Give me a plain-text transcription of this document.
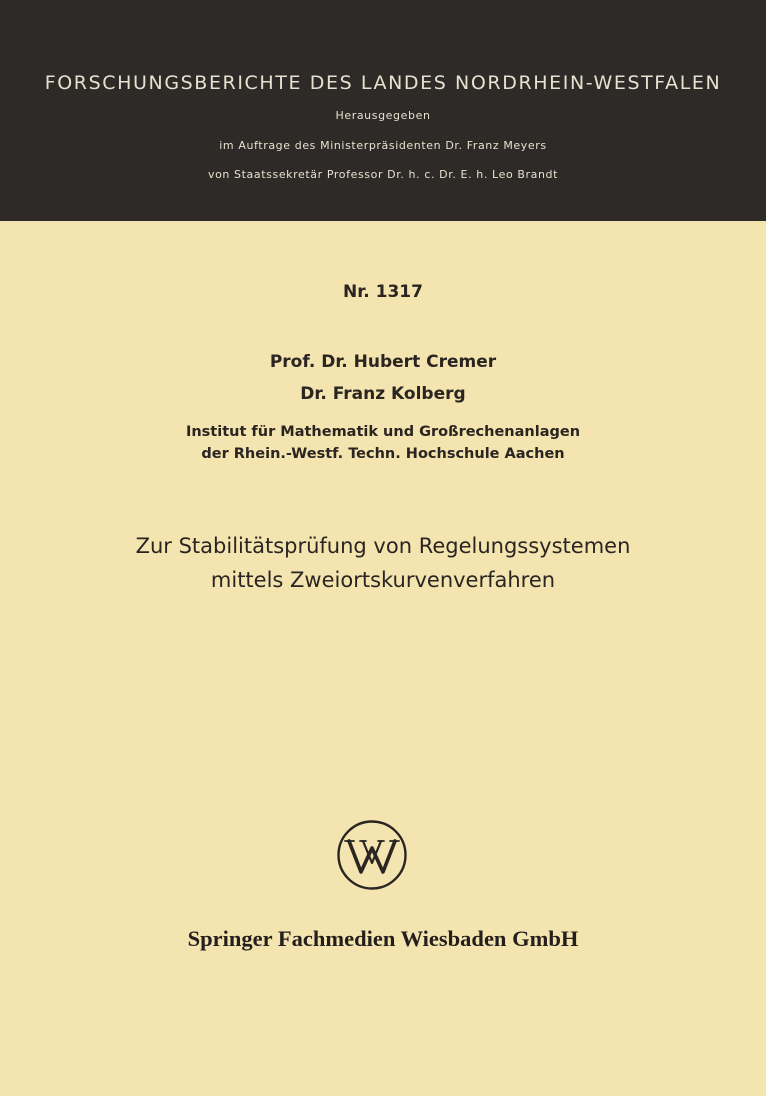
FORSCHUNGSBERICHTE DES LANDES NORDRHEIN-WESTFALEN
Herausgegeben
im Auftrage des Ministerpräsidenten Dr. Franz Meyers
von Staatssekretär Professor Dr. h. c. Dr. E. h. Leo Brandt
Nr. 1317
Prof. Dr. Hubert Cremer
Dr. Franz Kolberg
Institut für Mathematik und Großrechenanlagen
der Rhein.-Westf. Techn. Hochschule Aachen
Zur Stabilitätsprüfung von Regelungssystemen
mittels Zweiortskurvenverfahren
Springer Fachmedien Wiesbaden GmbH
